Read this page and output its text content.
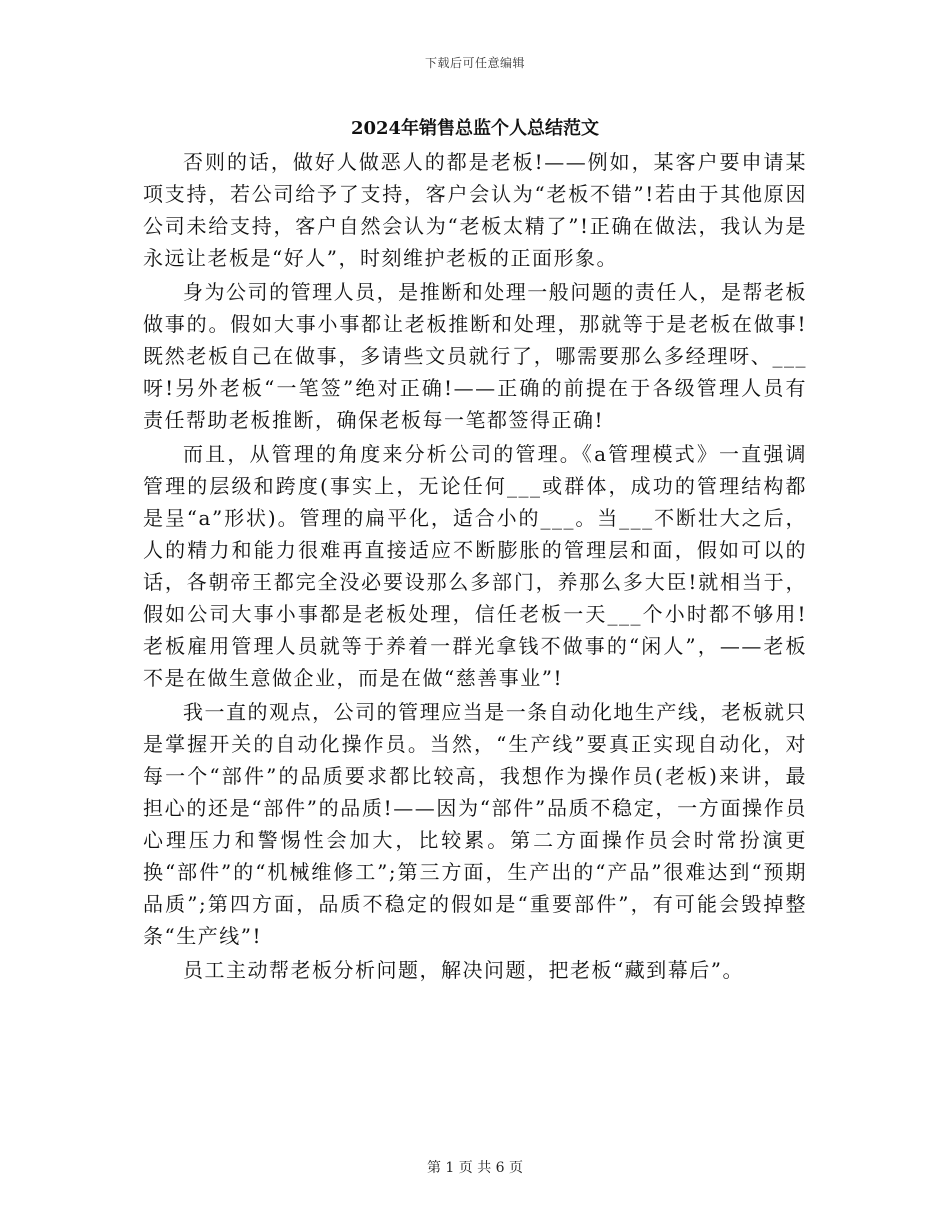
下载后可任意编辑
2024年销售总监个人总结范文

否则的话，做好人做恶人的都是老板!——例如，某客户要申请某项支持，若公司给予了支持，客户会认为“老板不错”!若由于其他原因公司未给支持，客户自然会认为“老板太精了”!正确在做法，我认为是永远让老板是“好人”，时刻维护老板的正面形象。

身为公司的管理人员，是推断和处理一般问题的责任人，是帮老板做事的。假如大事小事都让老板推断和处理，那就等于是老板在做事!既然老板自己在做事，多请些文员就行了，哪需要那么多经理呀、___呀!另外老板“一笔签”绝对正确!——正确的前提在于各级管理人员有责任帮助老板推断，确保老板每一笔都签得正确!

而且，从管理的角度来分析公司的管理。《a管理模式》一直强调管理的层级和跨度(事实上，无论任何___或群体，成功的管理结构都是呈“a”形状)。管理的扁平化，适合小的___。当___不断壮大之后，人的精力和能力很难再直接适应不断膨胀的管理层和面，假如可以的话，各朝帝王都完全没必要设那么多部门，养那么多大臣!就相当于，假如公司大事小事都是老板处理，信任老板一天___个小时都不够用!老板雇用管理人员就等于养着一群光拿钱不做事的“闲人”，——老板不是在做生意做企业，而是在做“慈善事业”!

我一直的观点，公司的管理应当是一条自动化地生产线，老板就只是掌握开关的自动化操作员。当然，“生产线”要真正实现自动化，对每一个“部件”的品质要求都比较高，我想作为操作员(老板)来讲，最担心的还是“部件”的品质!——因为“部件”品质不稳定，一方面操作员心理压力和警惕性会加大，比较累。第二方面操作员会时常扮演更换“部件”的“机械维修工”;第三方面，生产出的“产品”很难达到“预期品质”;第四方面，品质不稳定的假如是“重要部件”，有可能会毁掉整条“生产线”!

员工主动帮老板分析问题，解决问题，把老板“藏到幕后”。

第 1 页 共 6 页
